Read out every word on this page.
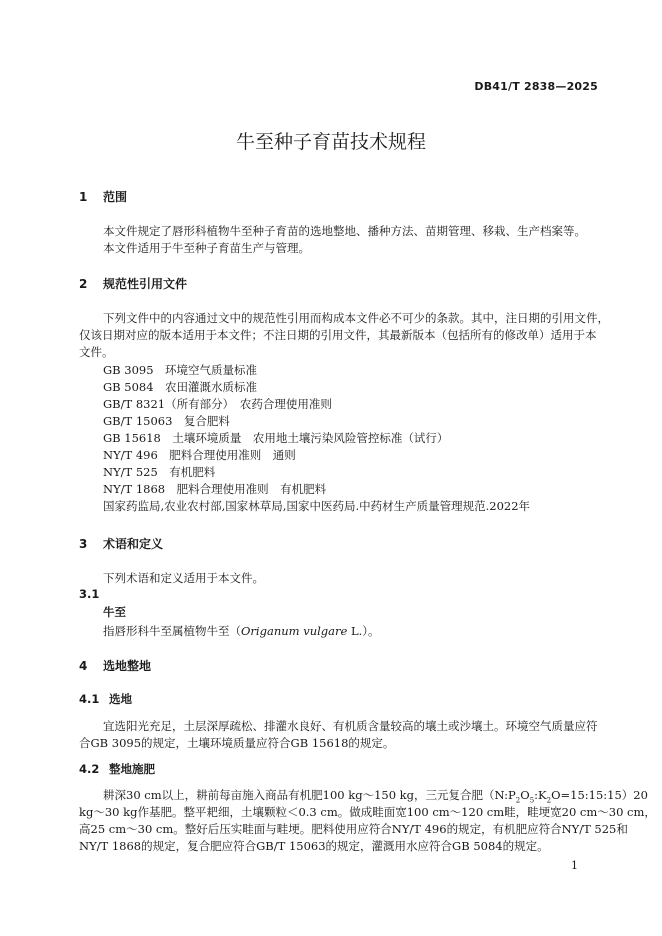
DB41/T 2838—2025
牛至种子育苗技术规程
1 范围
本文件规定了唇形科植物牛至种子育苗的选地整地、播种方法、苗期管理、移栽、生产档案等。
本文件适用于牛至种子育苗生产与管理。
2 规范性引用文件
下列文件中的内容通过文中的规范性引用而构成本文件必不可少的条款。其中，注日期的引用文件，
仅该日期对应的版本适用于本文件；不注日期的引用文件，其最新版本（包括所有的修改单）适用于本
文件。
GB 3095　环境空气质量标准
GB 5084　农田灌溉水质标准
GB/T 8321（所有部分）　农药合理使用准则
GB/T 15063　复合肥料
GB 15618　土壤环境质量　农用地土壤污染风险管控标准（试行）
NY/T 496　肥料合理使用准则　通则
NY/T 525　有机肥料
NY/T 1868　肥料合理使用准则　有机肥料
国家药监局,农业农村部,国家林草局,国家中医药局.中药材生产质量管理规范.2022年
3 术语和定义
下列术语和定义适用于本文件。
3.1
牛至
指唇形科牛至属植物牛至（Origanum vulgare L.）。
4 选地整地
4.1 选地
宜选阳光充足，土层深厚疏松、排灌水良好、有机质含量较高的壤土或沙壤土。环境空气质量应符
合GB 3095的规定，土壤环境质量应符合GB 15618的规定。
4.2 整地施肥
耕深30 cm以上，耕前每亩施入商品有机肥100 kg～150 kg，三元复合肥$(N:P_2O_5:K_2O=15:15:15)20$
kg～30 kg作基肥。整平耙细，土壤颗粒＜0.3 cm。做成畦面宽100 cm～120 cm畦，畦埂宽20 cm～30 cm，
高25 cm～30 cm。整好后压实畦面与畦埂。肥料使用应符合NY/T 496的规定，有机肥应符合NY/T 525和
NY/T 1868的规定，复合肥应符合GB/T 15063的规定，灌溉用水应符合GB 5084的规定。
1
